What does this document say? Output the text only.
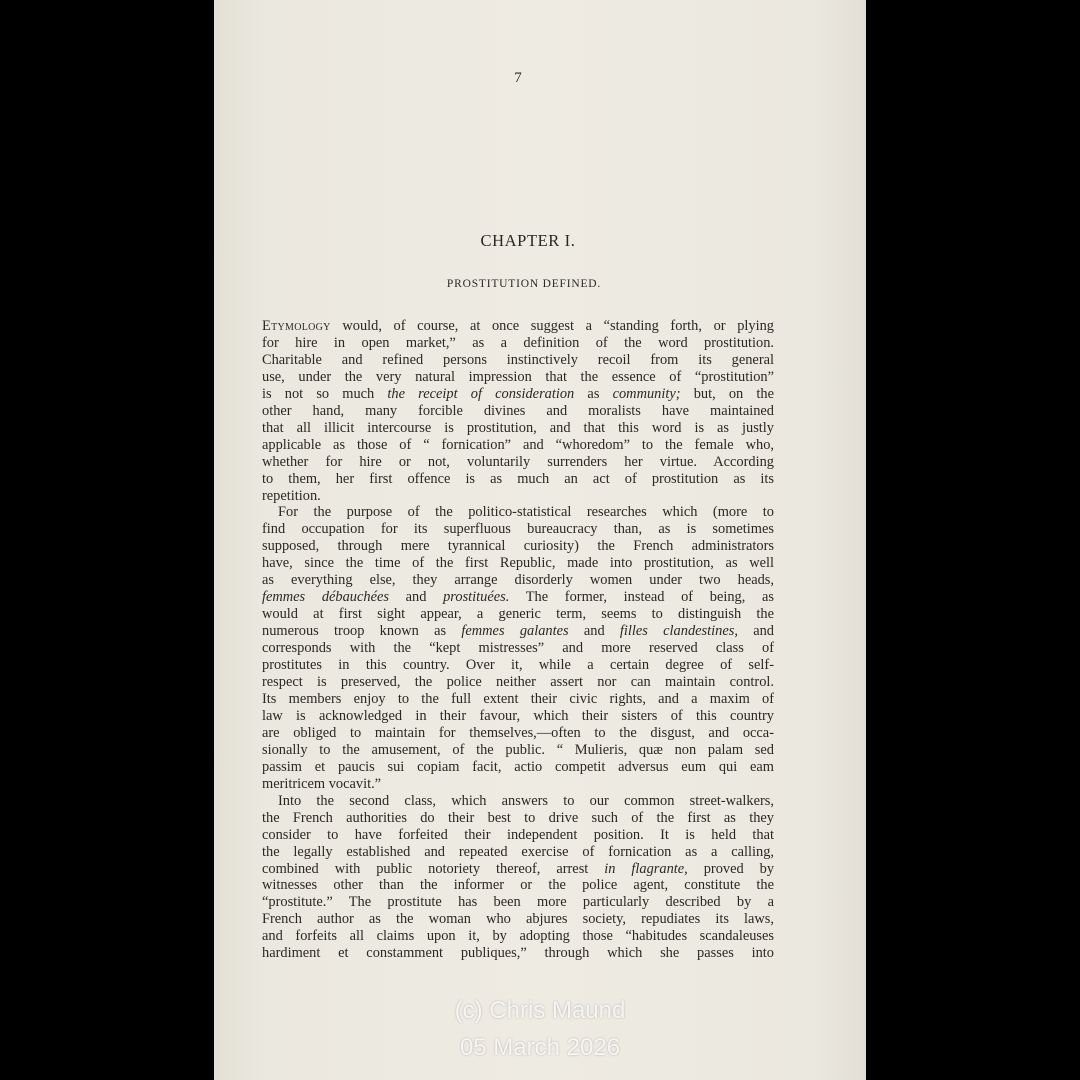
7
CHAPTER I.
PROSTITUTION DEFINED.
Etymology would, of course, at once suggest a “standing forth, or plying
for hire in open market,” as a definition of the word prostitution.
Charitable and refined persons instinctively recoil from its general
use, under the very natural impression that the essence of “prostitution”
is not so much the receipt of consideration as community; but, on the
other hand, many forcible divines and moralists have maintained
that all illicit intercourse is prostitution, and that this word is as justly
applicable as those of “ fornication” and “whoredom” to the female who,
whether for hire or not, voluntarily surrenders her virtue. According
to them, her first offence is as much an act of prostitution as its
repetition.
For the purpose of the politico-statistical researches which (more to
find occupation for its superfluous bureaucracy than, as is sometimes
supposed, through mere tyrannical curiosity) the French administrators
have, since the time of the first Republic, made into prostitution, as well
as everything else, they arrange disorderly women under two heads,
femmes débauchées and prostituées. The former, instead of being, as
would at first sight appear, a generic term, seems to distinguish the
numerous troop known as femmes galantes and filles clandestines, and
corresponds with the “kept mistresses” and more reserved class of
prostitutes in this country. Over it, while a certain degree of self-
respect is preserved, the police neither assert nor can maintain control.
Its members enjoy to the full extent their civic rights, and a maxim of
law is acknowledged in their favour, which their sisters of this country
are obliged to maintain for themselves,—often to the disgust, and occa-
sionally to the amusement, of the public. “ Mulieris, quæ non palam sed
passim et paucis sui copiam facit, actio competit adversus eum qui eam
meritricem vocavit.”
Into the second class, which answers to our common street-walkers,
the French authorities do their best to drive such of the first as they
consider to have forfeited their independent position. It is held that
the legally established and repeated exercise of fornication as a calling,
combined with public notoriety thereof, arrest in flagrante, proved by
witnesses other than the informer or the police agent, constitute the
“prostitute.” The prostitute has been more particularly described by a
French author as the woman who abjures society, repudiates its laws,
and forfeits all claims upon it, by adopting those “habitudes scandaleuses
hardiment et constamment publiques,” through which she passes into
(c) Chris Maund
05 March 2026
